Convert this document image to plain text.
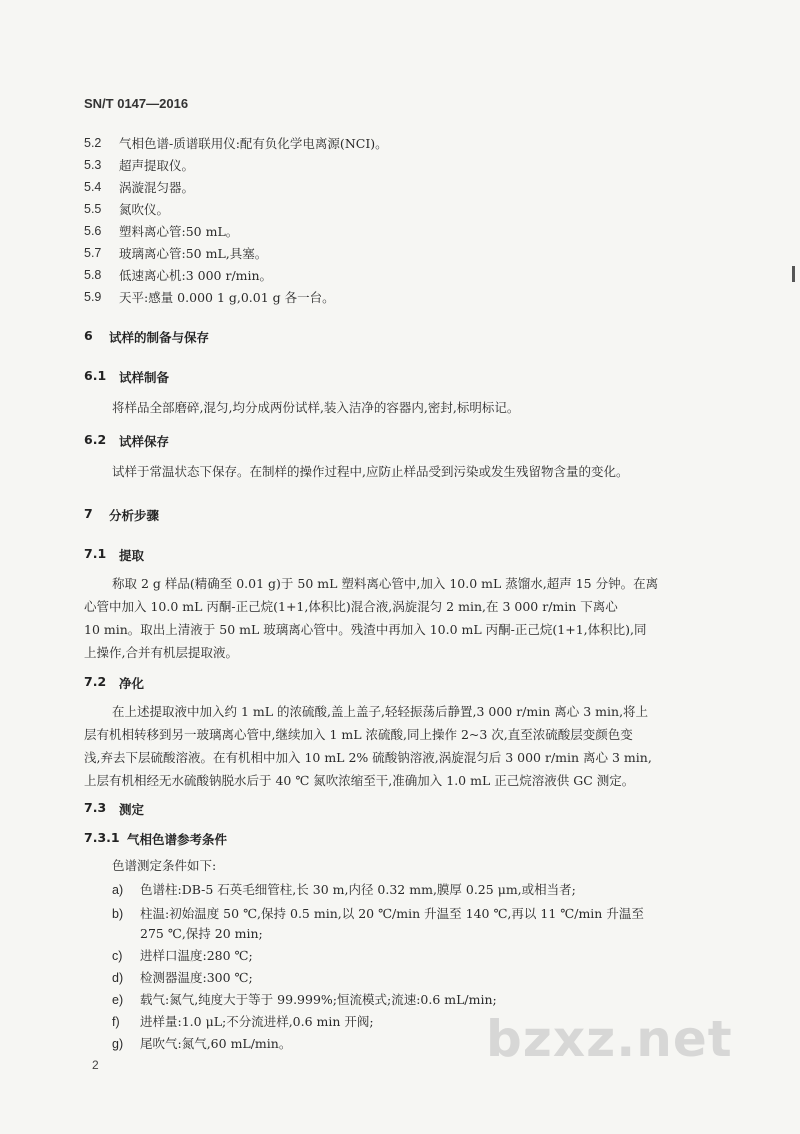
SN/T 0147—2016
5.2 气相色谱-质谱联用仪:配有负化学电离源(NCI)。
5.3 超声提取仪。
5.4 涡漩混匀器。
5.5 氮吹仪。
5.6 塑料离心管:50 mL。
5.7 玻璃离心管:50 mL,具塞。
5.8 低速离心机:3 000 r/min。
5.9 天平:感量 0.000 1 g,0.01 g 各一台。
6 试样的制备与保存
6.1 试样制备
将样品全部磨碎,混匀,均分成两份试样,装入洁净的容器内,密封,标明标记。
6.2 试样保存
试样于常温状态下保存。在制样的操作过程中,应防止样品受到污染或发生残留物含量的变化。
7 分析步骤
7.1 提取

称取 2 g 样品(精确至 0.01 g)于 50 mL 塑料离心管中,加入 10.0 mL 蒸馏水,超声 15 分钟。在离

心管中加入 10.0 mL 丙酮-正己烷(1+1,体积比)混合液,涡旋混匀 2 min,在 3 000 r/min 下离心

10 min。取出上清液于 50 mL 玻璃离心管中。残渣中再加入 10.0 mL 丙酮-正己烷(1+1,体积比),同

上操作,合并有机层提取液。

7.2 净化

在上述提取液中加入约 1 mL 的浓硫酸,盖上盖子,轻轻振荡后静置,3 000 r/min 离心 3 min,将上

层有机相转移到另一玻璃离心管中,继续加入 1 mL 浓硫酸,同上操作 2~3 次,直至浓硫酸层变颜色变

浅,弃去下层硫酸溶液。在有机相中加入 10 mL 2% 硫酸钠溶液,涡旋混匀后 3 000 r/min 离心 3 min,

上层有机相经无水硫酸钠脱水后于 40 ℃ 氮吹浓缩至干,准确加入 1.0 mL 正己烷溶液供 GC 测定。

7.3 测定
7.3.1 气相色谱参考条件
色谱测定条件如下:
a) 色谱柱:DB-5 石英毛细管柱,长 30 m,内径 0.32 mm,膜厚 0.25 μm,或相当者;
b) 柱温:初始温度 50 ℃,保持 0.5 min,以 20 ℃/min 升温至 140 ℃,再以 11 ℃/min 升温至
275 ℃,保持 20 min;
c) 进样口温度:280 ℃;
d) 检测器温度:300 ℃;
e) 载气:氮气,纯度大于等于 99.999%;恒流模式;流速:0.6 mL/min;
f) 进样量:1.0 μL;不分流进样,0.6 min 开阀;
g) 尾吹气:氮气,60 mL/min。
2	bzxz.net
